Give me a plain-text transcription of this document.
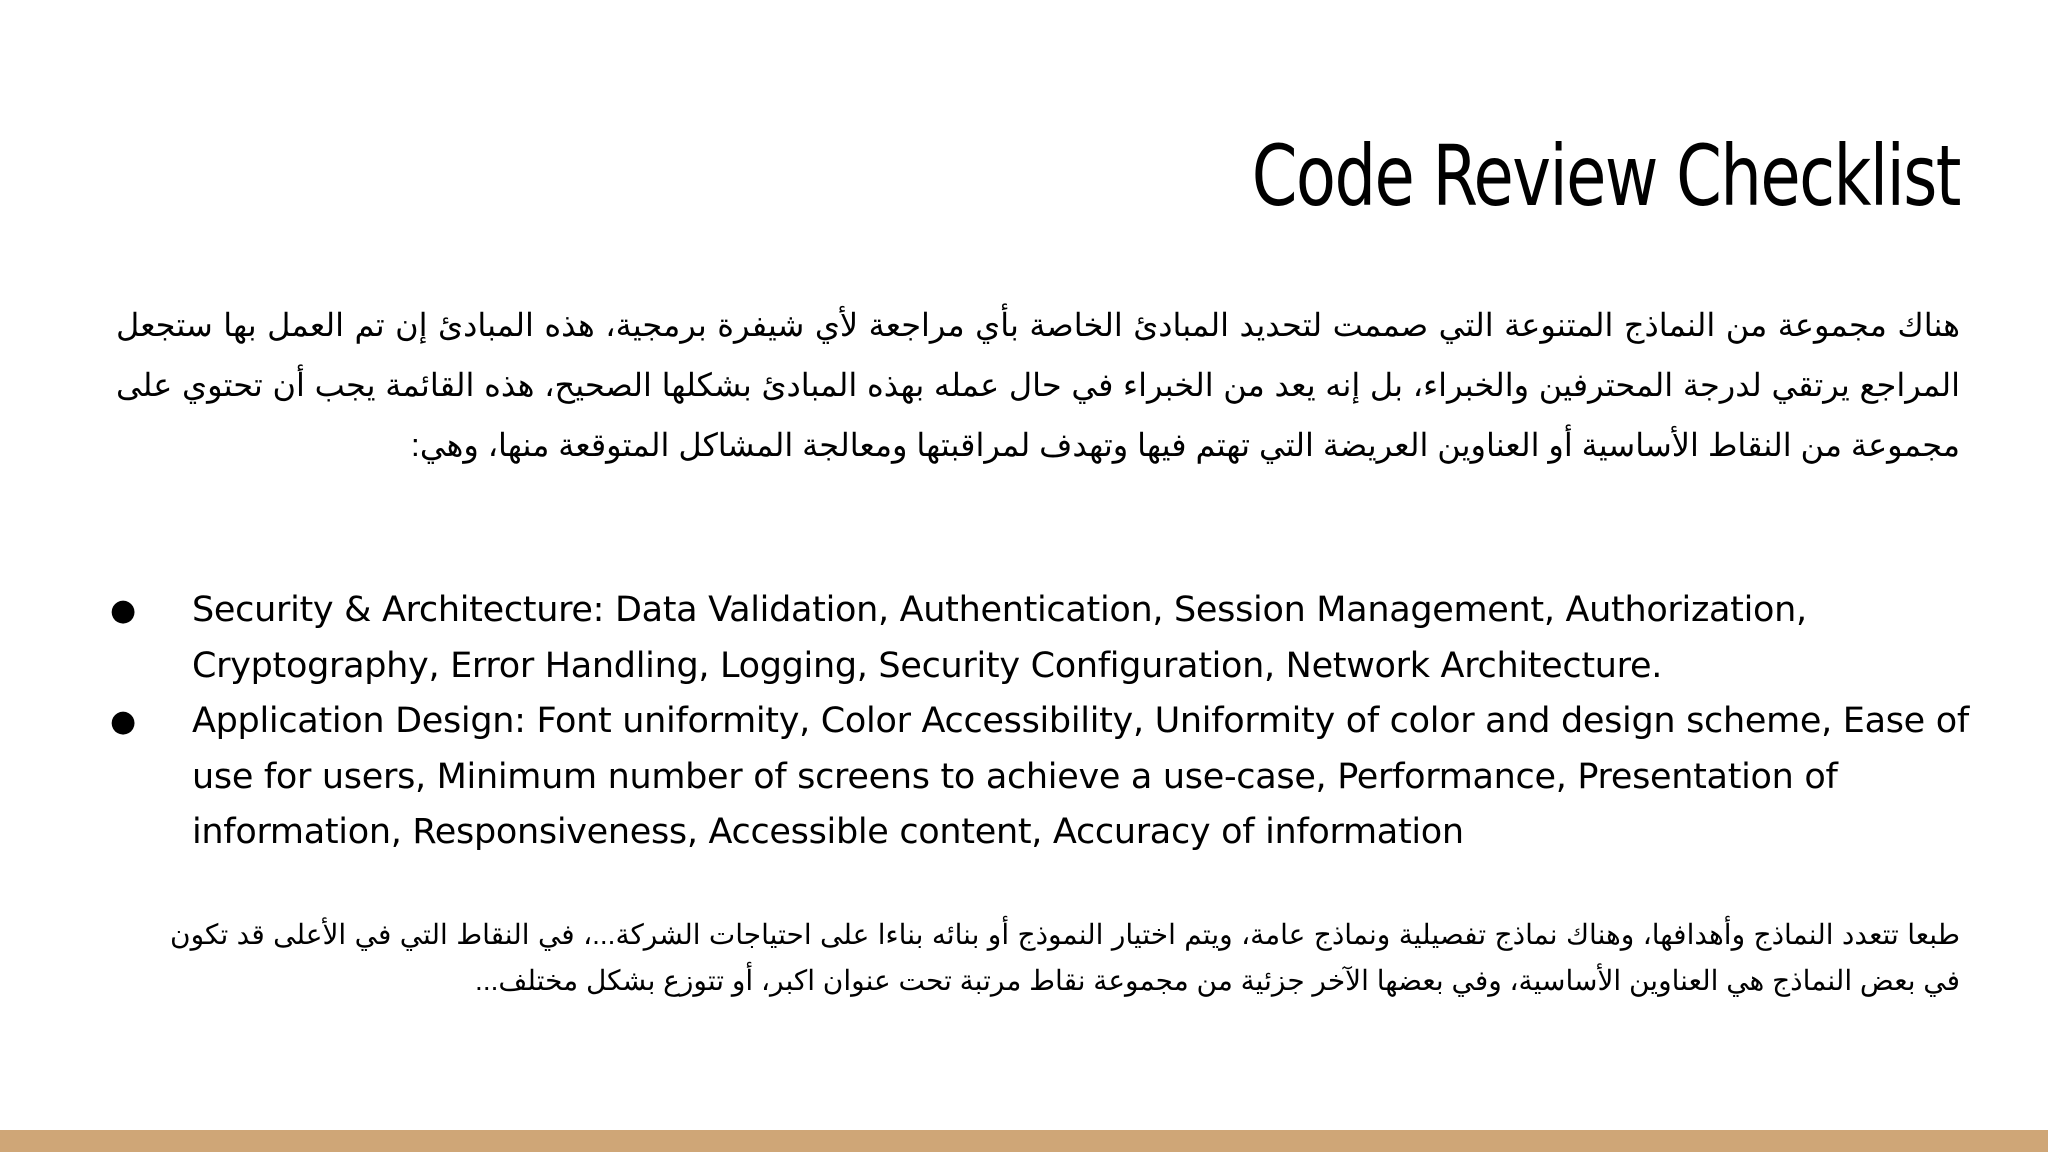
Code Review Checklist

هناك مجموعة من النماذج المتنوعة التي صممت لتحديد المبادئ الخاصة بأي مراجعة لأي شيفرة برمجية، هذه المبادئ إن تم العمل بها ستجعل المراجع يرتقي لدرجة المحترفين والخبراء، بل إنه يعد من الخبراء في حال عمله بهذه المبادئ بشكلها الصحيح، هذه القائمة يجب أن تحتوي على مجموعة من النقاط الأساسية أو العناوين العريضة التي تهتم فيها وتهدف لمراقبتها ومعالجة المشاكل المتوقعة منها، وهي:

● Security & Architecture: Data Validation, Authentication, Session Management, Authorization, Cryptography, Error Handling, Logging, Security Configuration, Network Architecture.
● Application Design: Font uniformity, Color Accessibility, Uniformity of color and design scheme, Ease of use for users, Minimum number of screens to achieve a use-case, Performance, Presentation of information, Responsiveness, Accessible content, Accuracy of information

طبعا تتعدد النماذج وأهدافها، وهناك نماذج تفصيلية ونماذج عامة، ويتم اختيار النموذج أو بنائه بناءا على احتياجات الشركة...، في النقاط التي في الأعلى قد تكون في بعض النماذج هي العناوين الأساسية، وفي بعضها الآخر جزئية من مجموعة نقاط مرتبة تحت عنوان اكبر، أو تتوزع بشكل مختلف...
